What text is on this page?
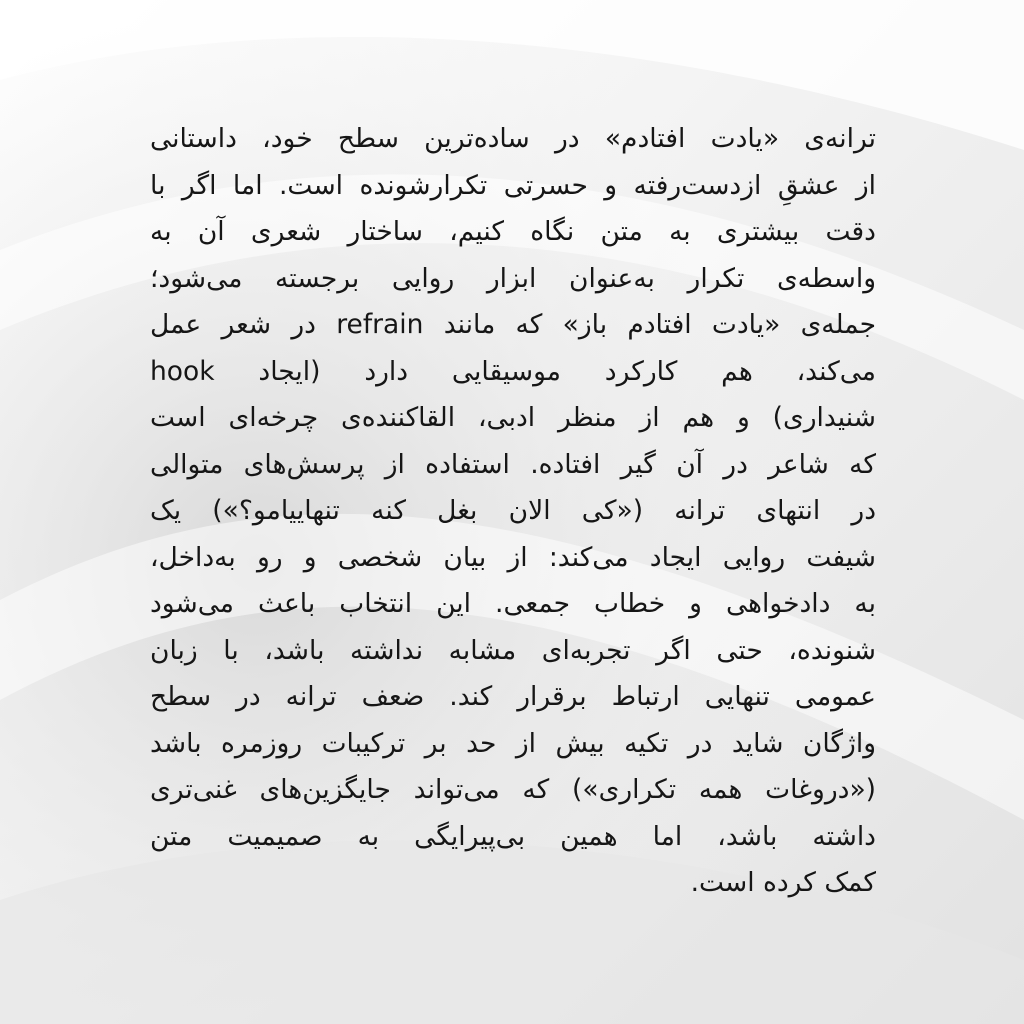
ترانه‌ی «یادت افتادم» در ساده‌ترین سطح خود، داستانی
از عشقِ ازدست‌رفته و حسرتی تکرارشونده است. اما اگر با
دقت بیشتری به متن نگاه کنیم، ساختار شعری آن به
واسطه‌ی تکرار به‌عنوان ابزار روایی برجسته می‌شود؛
جمله‌ی «یادت افتادم باز» که مانند refrain در شعر عمل
می‌کند، هم کارکرد موسیقایی دارد (ایجاد hook
شنیداری) و هم از منظر ادبی، القاکننده‌ی چرخه‌ای است
که شاعر در آن گیر افتاده. استفاده از پرسش‌های متوالی
در انتهای ترانه («کی الان بغل کنه تنهاییامو؟») یک
شیفت روایی ایجاد می‌کند: از بیان شخصی و رو به‌داخل،
به دادخواهی و خطاب جمعی. این انتخاب باعث می‌شود
شنونده، حتی اگر تجربه‌ای مشابه نداشته باشد، با زبان
عمومی تنهایی ارتباط برقرار کند. ضعف ترانه در سطح
واژگان شاید در تکیه بیش از حد بر ترکیبات روزمره باشد
(«دروغات همه تکراری») که می‌تواند جایگزین‌های غنی‌تری
داشته باشد، اما همین بی‌پیرایگی به صمیمیت متن
کمک کرده است.
